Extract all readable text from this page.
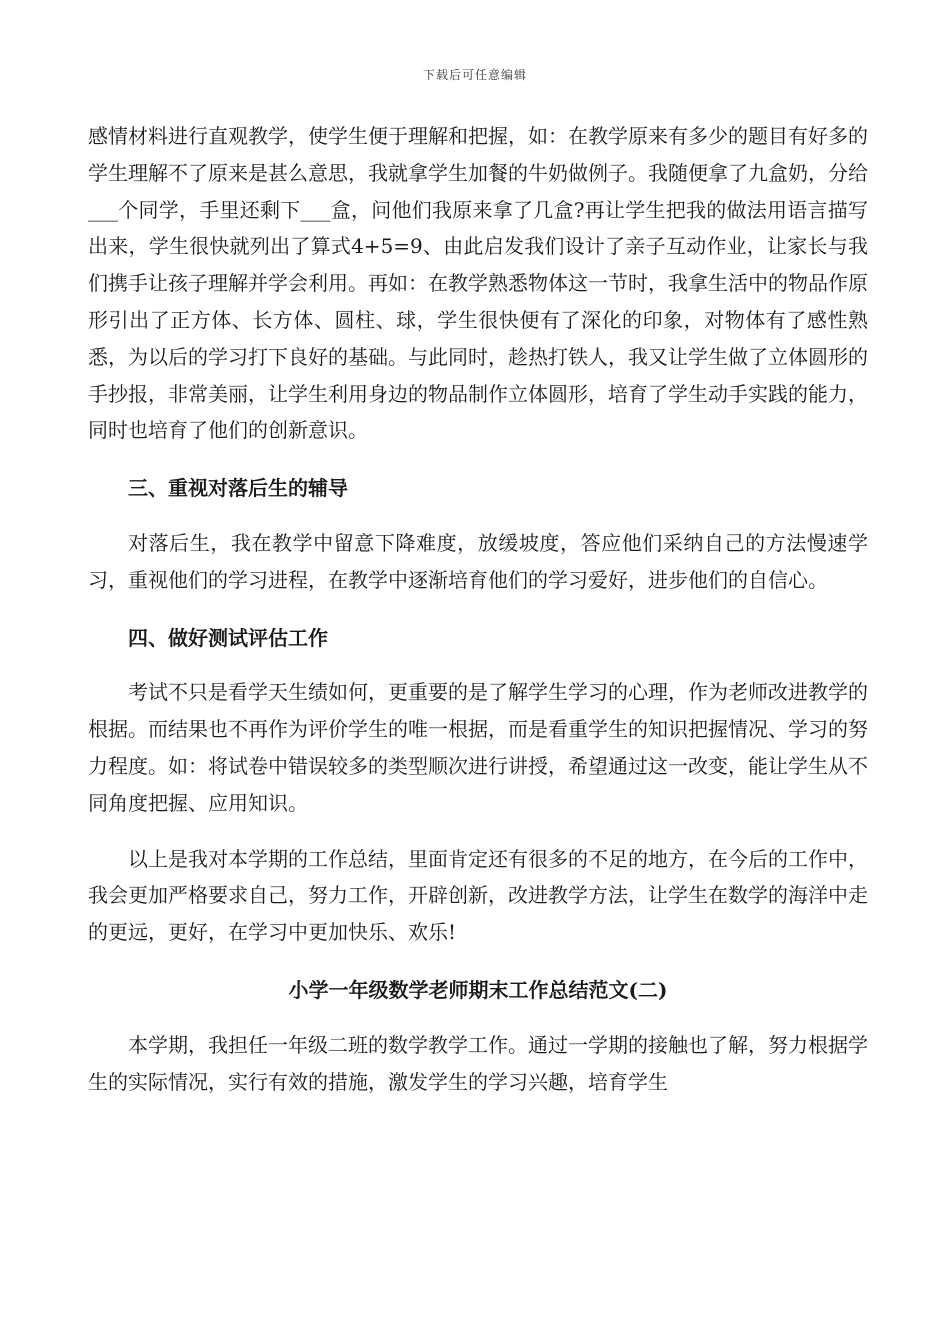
下载后可任意编辑

感情材料进行直观教学，使学生便于理解和把握，如：在教学原来有多少的题目有好多的学生理解不了原来是甚么意思，我就拿学生加餐的牛奶做例子。我随便拿了九盒奶，分给___个同学，手里还剩下___盒，问他们我原来拿了几盒?再让学生把我的做法用语言描写出来，学生很快就列出了算式4+5=9、由此启发我们设计了亲子互动作业，让家长与我们携手让孩子理解并学会利用。再如：在教学熟悉物体这一节时，我拿生活中的物品作原形引出了正方体、长方体、圆柱、球，学生很快便有了深化的印象，对物体有了感性熟悉，为以后的学习打下良好的基础。与此同时，趁热打铁人，我又让学生做了立体圆形的手抄报，非常美丽，让学生利用身边的物品制作立体圆形，培育了学生动手实践的能力，同时也培育了他们的创新意识。

三、重视对落后生的辅导

对落后生，我在教学中留意下降难度，放缓坡度，答应他们采纳自己的方法慢速学习，重视他们的学习进程，在教学中逐渐培育他们的学习爱好，进步他们的自信心。

四、做好测试评估工作

考试不只是看学天生绩如何，更重要的是了解学生学习的心理，作为老师改进教学的根据。而结果也不再作为评价学生的唯一根据，而是看重学生的知识把握情况、学习的努力程度。如：将试卷中错误较多的类型顺次进行讲授，希望通过这一改变，能让学生从不同角度把握、应用知识。

以上是我对本学期的工作总结，里面肯定还有很多的不足的地方，在今后的工作中，我会更加严格要求自己，努力工作，开辟创新，改进教学方法，让学生在数学的海洋中走的更远，更好，在学习中更加快乐、欢乐!

小学一年级数学老师期末工作总结范文(二)

本学期，我担任一年级二班的数学教学工作。通过一学期的接触也了解，努力根据学生的实际情况，实行有效的措施，激发学生的学习兴趣，培育学生
